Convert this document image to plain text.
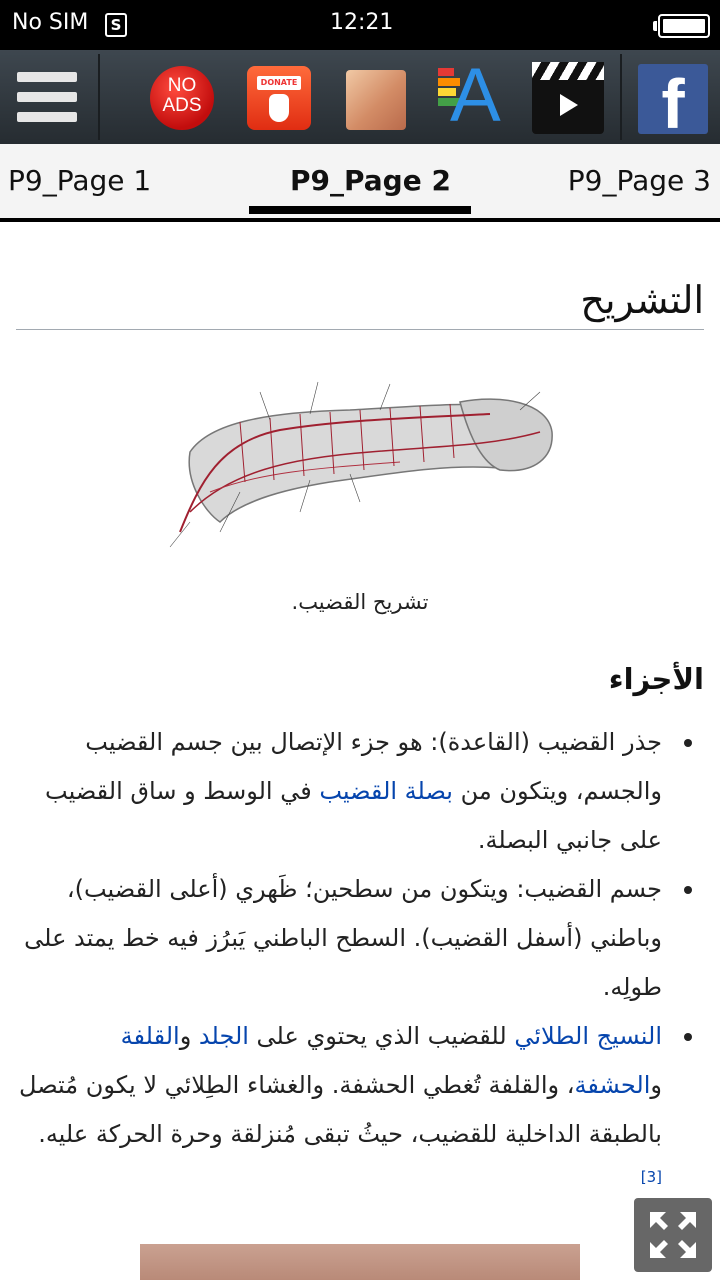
No SIM	S	12:21
NO
ADS
DONATE A	f
P9_Page 1	P9_Page 2	P9_Page 3
التشريح
تشريح القضيب.
الأجزاء
جذر القضيب (القاعدة): هو جزء الإتصال بين جسم القضيب والجسم، ويتكون من بصلة القضيب في الوسط و ساق القضيب على جانبي البصلة.
جسم القضيب: ويتكون من سطحين؛ ظَهري (أعلى القضيب)، وباطني (أسفل القضيب). السطح الباطني يَبرُز فيه خط يمتد على طولِه.
النسيج الطلائي للقضيب الذي يحتوي على الجلد والقلفة والحشفة، والقلفة تُغطي الحشفة. والغشاء الطِلائي لا يكون مُتصل بالطبقة الداخلية للقضيب، حيثُ تبقى مُنزلقة وحرة الحركة عليه.[3]
